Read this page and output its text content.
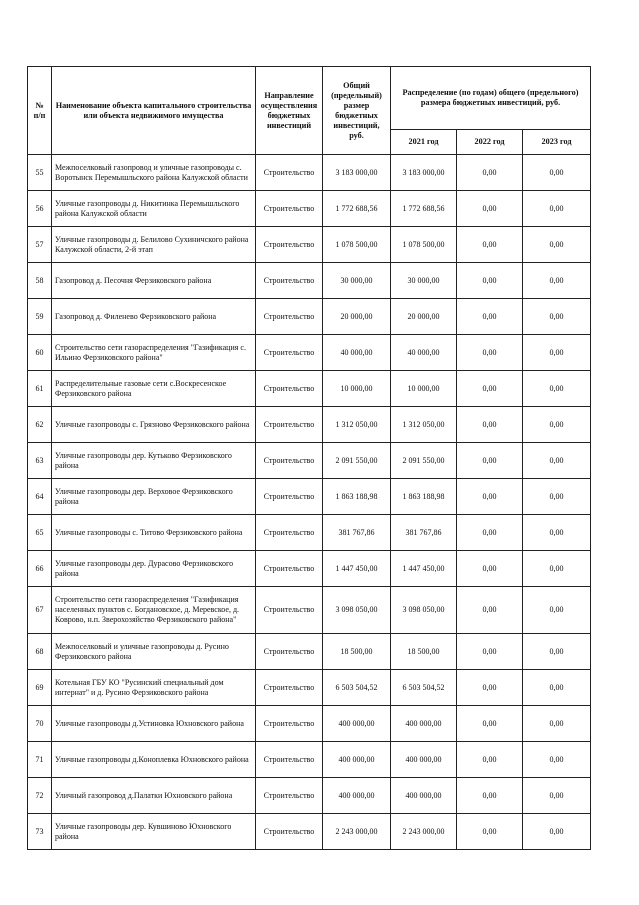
№ п/п	Наименование объекта капитального строительства или объекта недвижимого имущества	Направление осуществления бюджетных инвестиций	Общий (предельный) размер бюджетных инвестиций, руб.	Распределение (по годам) общего (предельного) размера бюджетных инвестиций, руб.		
				2021 год	2022 год	2023 год
55	Межпоселковый газопровод и уличные газопроводы с. Воротынск Перемышльского района Калужской области	Строительство	3 183 000,00	3 183 000,00	0,00	0,00
56	Уличные газопроводы д. Никитинка Перемышльского района Калужской области	Строительство	1 772 688,56	1 772 688,56	0,00	0,00
57	Уличные газопроводы д. Белилово Сухиничского района Калужской области, 2-й этап	Строительство	1 078 500,00	1 078 500,00	0,00	0,00
58	Газопровод д. Песочня Ферзиковского района	Строительство	30 000,00	30 000,00	0,00	0,00
59	Газопровод д. Филенево Ферзиковского района	Строительство	20 000,00	20 000,00	0,00	0,00
60	Строительство сети газораспределения "Газификация с. Ильино Ферзиковского района"	Строительство	40 000,00	40 000,00	0,00	0,00
61	Распределительные газовые сети с.Воскресенское Ферзиковского района	Строительство	10 000,00	10 000,00	0,00	0,00
62	Уличные газопроводы с. Грязново Ферзиковского района	Строительство	1 312 050,00	1 312 050,00	0,00	0,00
63	Уличные газопроводы дер. Кутьково Ферзиковского района	Строительство	2 091 550,00	2 091 550,00	0,00	0,00
64	Уличные газопроводы дер. Верховое Ферзиковского района	Строительство	1 863 188,98	1 863 188,98	0,00	0,00
65	Уличные газопроводы с. Титово Ферзиковского района	Строительство	381 767,86	381 767,86	0,00	0,00
66	Уличные газопроводы дер. Дурасово Ферзиковского района	Строительство	1 447 450,00	1 447 450,00	0,00	0,00
67	Строительство сети газораспределения "Газификация населенных пунктов с. Богдановское, д. Меревское, д. Коврово, н.п. Зверохозяйство Ферзиковского района"	Строительство	3 098 050,00	3 098 050,00	0,00	0,00
68	Межпоселковый и уличные газопроводы д. Русино Ферзиковского района	Строительство	18 500,00	18 500,00	0,00	0,00
69	Котельная ГБУ КО "Русинский специальный дом интернат" и д. Русино Ферзиковского района	Строительство	6 503 504,52	6 503 504,52	0,00	0,00
70	Уличные газопроводы д.Устиновка Юхновского района	Строительство	400 000,00	400 000,00	0,00	0,00
71	Уличные газопроводы д.Коноплевка Юхновского района	Строительство	400 000,00	400 000,00	0,00	0,00
72	Уличный газопровод д.Палатки Юхновского района	Строительство	400 000,00	400 000,00	0,00	0,00
73	Уличные газопроводы дер. Кувшиново Юхновского района	Строительство	2 243 000,00	2 243 000,00	0,00	0,00
